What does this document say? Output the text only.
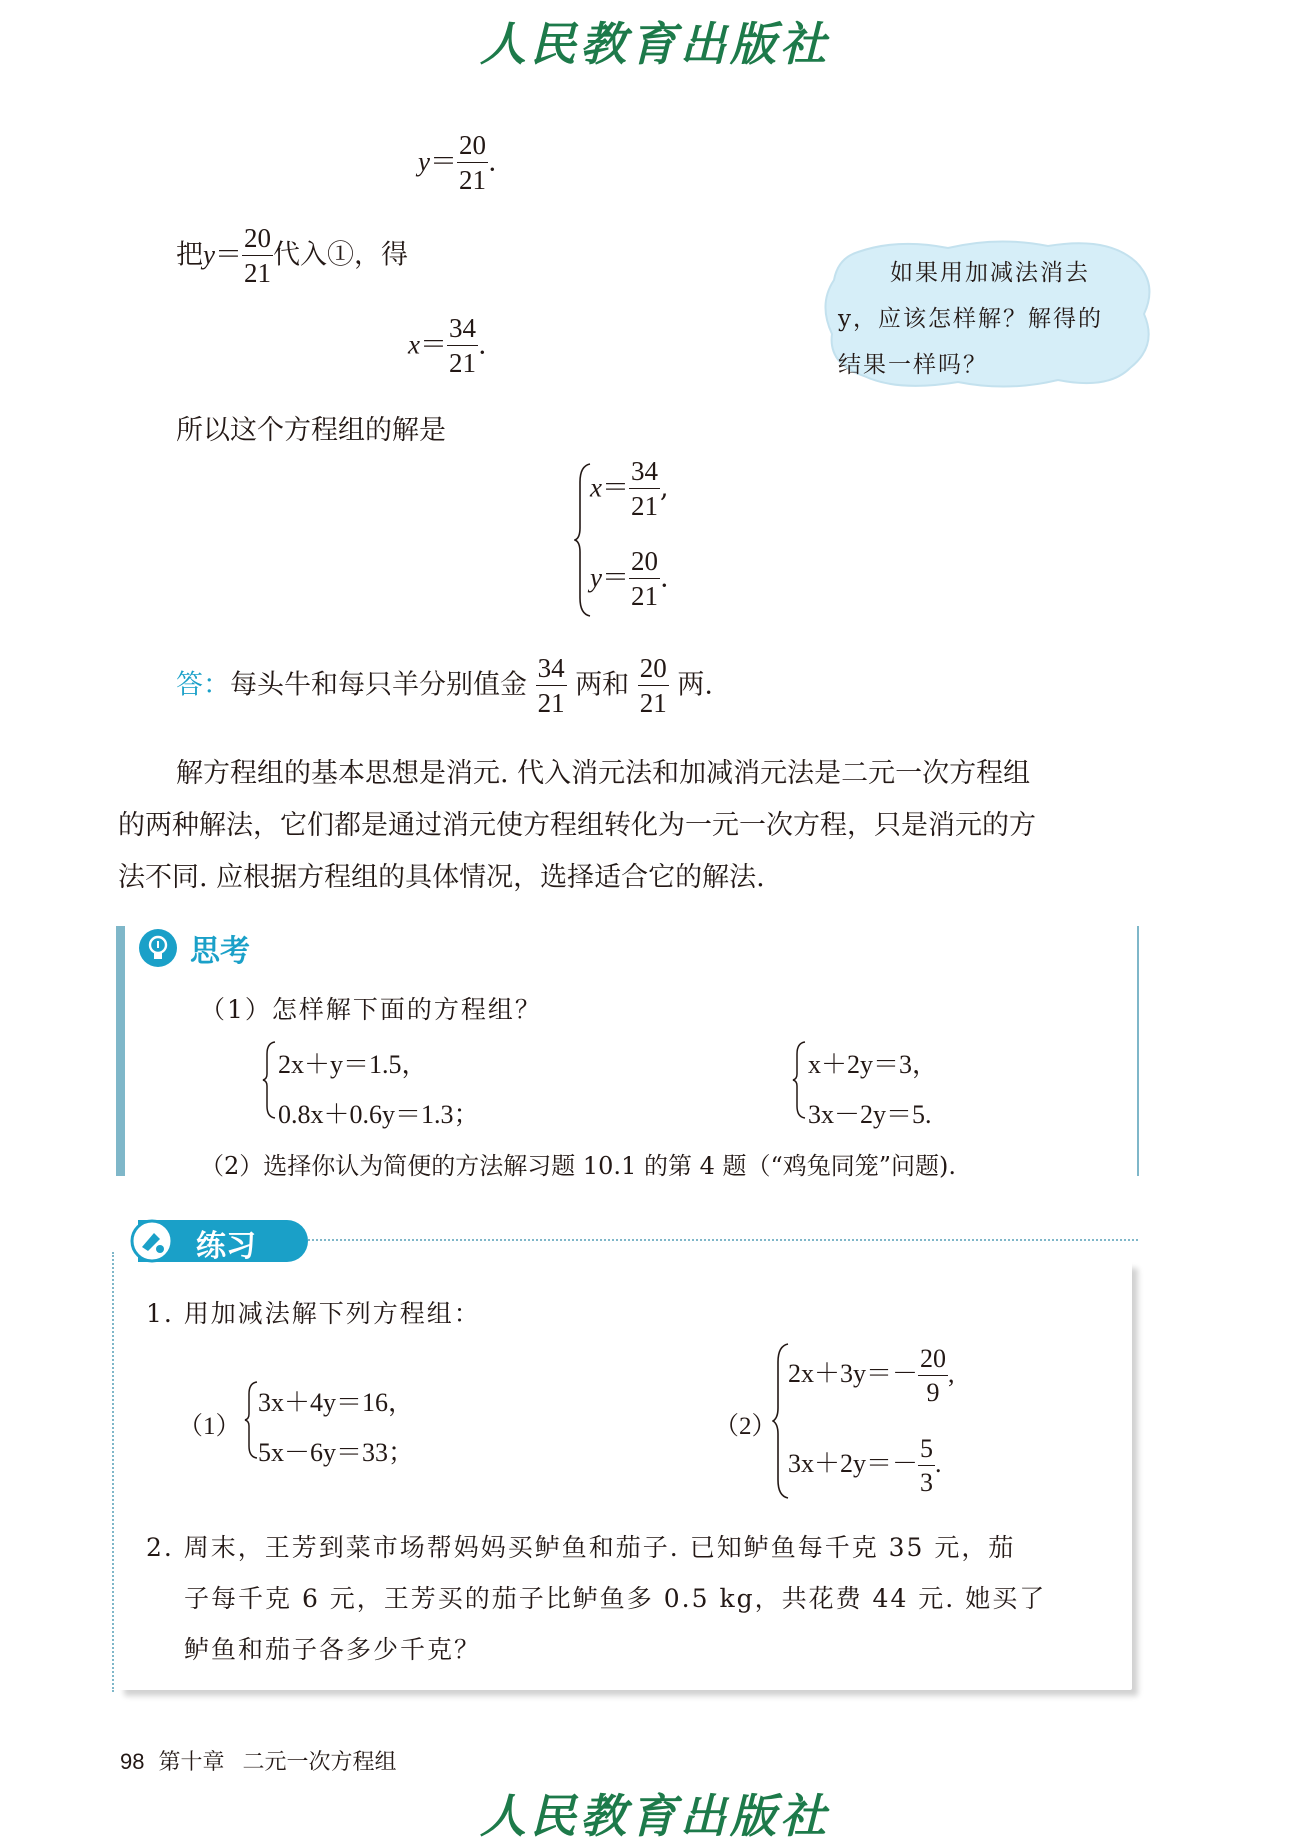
人民教育出版社
$y= \frac{20}{21}$ .
把$y= \frac{20}{21}$ 代入①，得
$x= \frac{34}{21}$ .
如果用加减法消去
y，应该怎样解？解得的
结果一样吗？
所以这个方程组的解是
$x= \frac{34}{21}$ ,
$y= \frac{20}{21}$ .
答：每头牛和每只羊分别值金 $\frac{34}{21}$ 两和 $\frac{20}{21}$ 两.
解方程组的基本思想是消元. 代入消元法和加减消元法是二元一次方程组
的两种解法，它们都是通过消元使方程组转化为一元一次方程，只是消元的方
法不同. 应根据方程组的具体情况，选择适合它的解法.
思考
（1）怎样解下面的方程组？
2x＋y＝1.5，
0.8x＋0.6y＝1.3；
x＋2y＝3，
3x－2y＝5.
（2）选择你认为简便的方法解习题 10.1 的第 4 题（“鸡兔同笼”问题).
练习
1. 用加减法解下列方程组：
（1）
3x＋4y＝16，
5x－6y＝33；
（2）
$2x+3y=- \frac{20}{9}$ ,
$3x+2y=- \frac{5}{3}$ .
2. 周末，王芳到菜市场帮妈妈买鲈鱼和茄子. 已知鲈鱼每千克 35 元，茄
子每千克 6 元，王芳买的茄子比鲈鱼多 0.5 kg，共花费 44 元. 她买了
鲈鱼和茄子各多少千克？
98 第十章 二元一次方程组
人民教育出版社
